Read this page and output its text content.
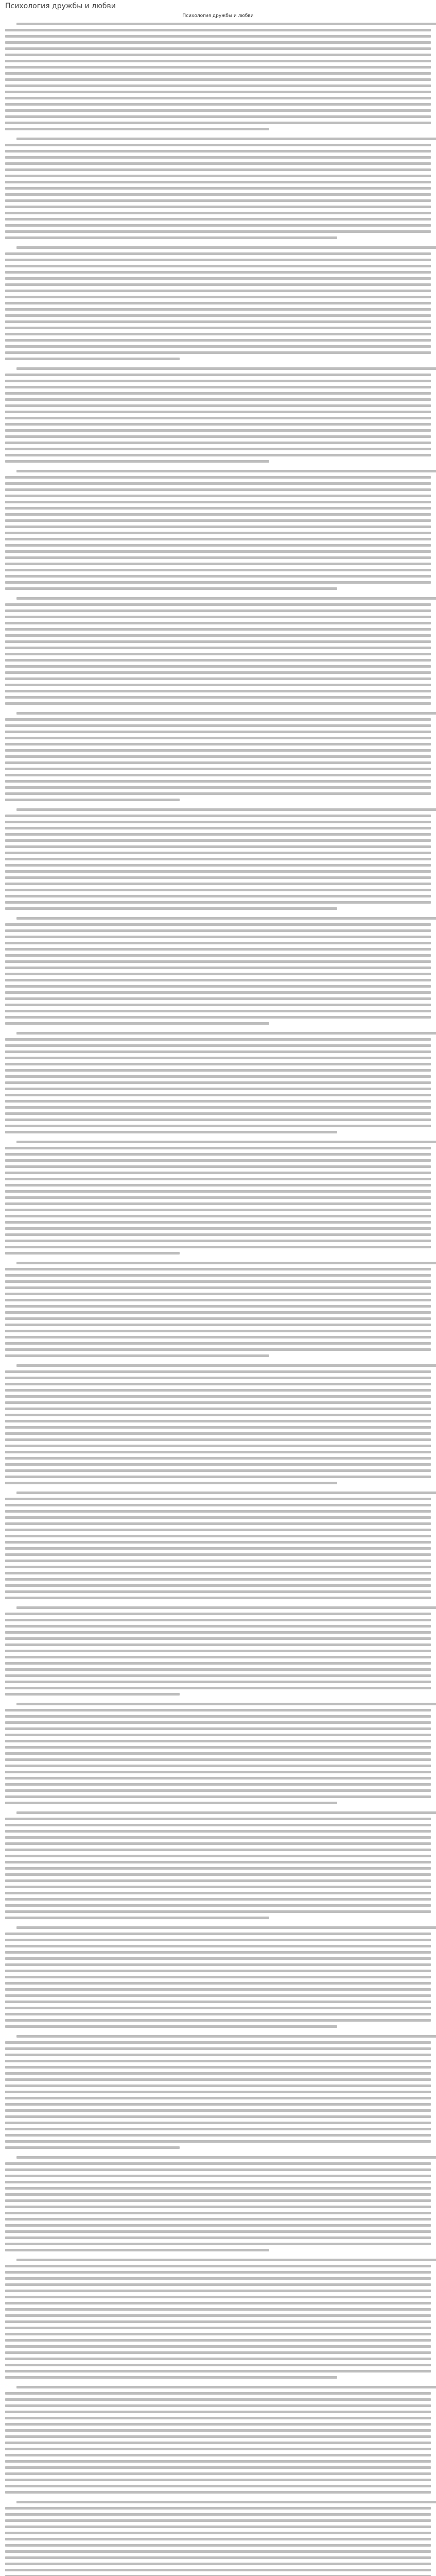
Психология дружбы и любви
Психология дружбы и любви
